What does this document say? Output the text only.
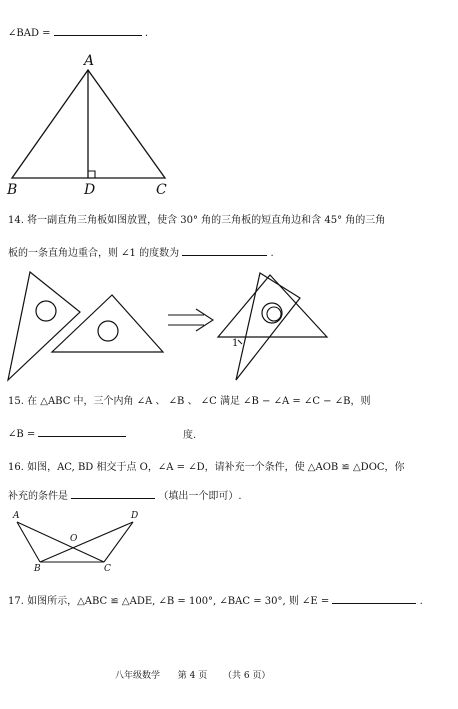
∠BAD =	.
A
B	D	C
14. 将一副直角三角板如图放置，使含 30° 角的三角板的短直角边和含 45° 角的三角
板的一条直角边重合，则 ∠1 的度数为	.
1
15. 在 △ABC 中，三个内角 ∠A 、 ∠B 、 ∠C 满足 ∠B − ∠A = ∠C − ∠B，则
∠B =	度.
16. 如图，AC, BD 相交于点 O，∠A = ∠D，请补充一个条件，使 △AOB ≌ △DOC，你
补充的条件是	（填出一个即可）.
A	D
O
B	C
17. 如图所示，△ABC ≌ △ADE, ∠B = 100°, ∠BAC = 30°, 则 ∠E =	.
八年级数学 第 4 页 （共 6 页）
